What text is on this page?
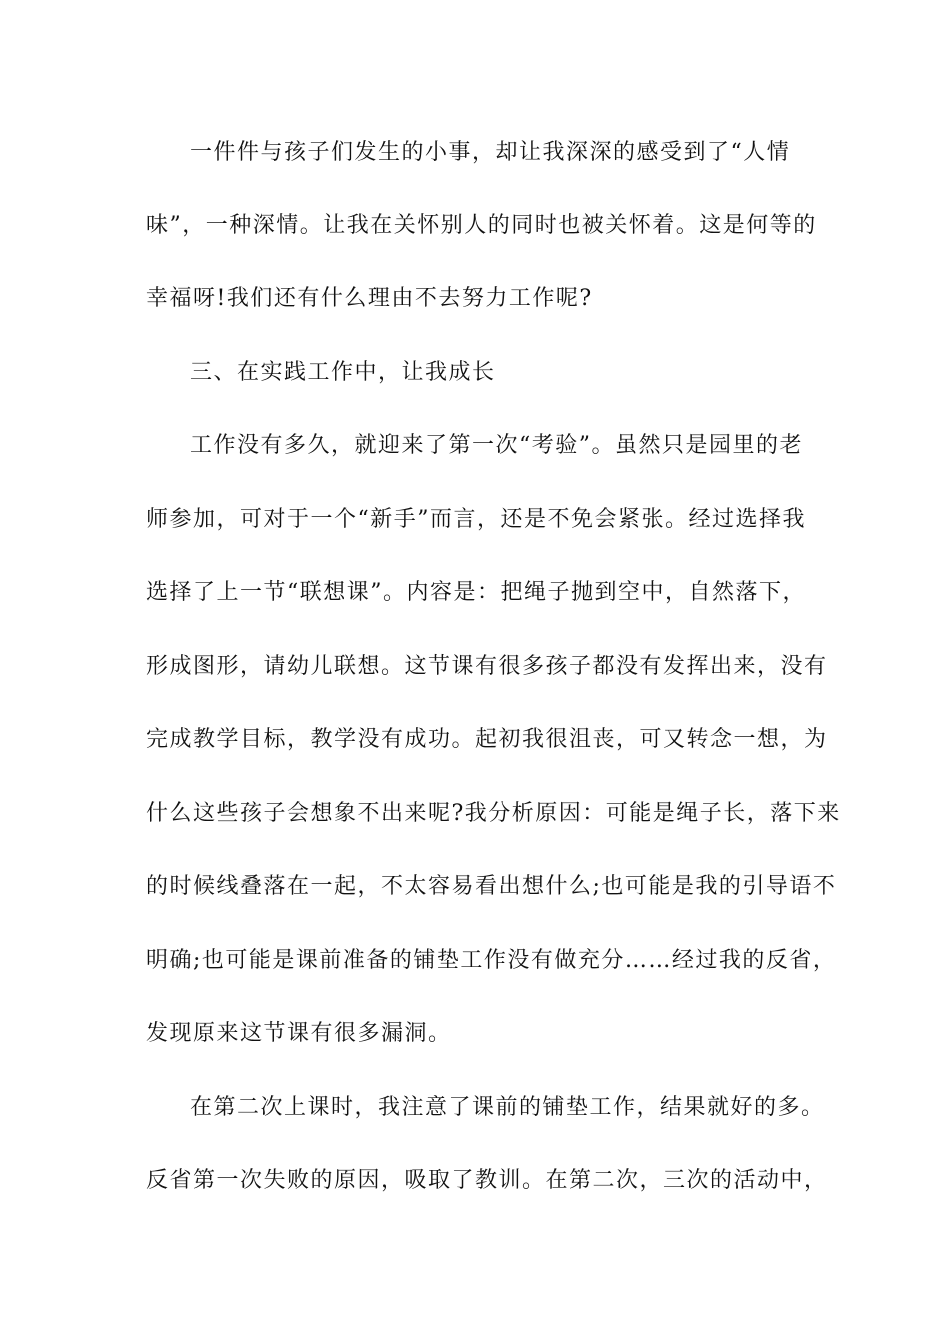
一件件与孩子们发生的小事，却让我深深的感受到了“人情
味”，一种深情。让我在关怀别人的同时也被关怀着。这是何等的
幸福呀!我们还有什么理由不去努力工作呢?
三、在实践工作中，让我成长
工作没有多久，就迎来了第一次“考验”。虽然只是园里的老
师参加，可对于一个“新手”而言，还是不免会紧张。经过选择我
选择了上一节“联想课”。内容是：把绳子抛到空中，自然落下，
形成图形，请幼儿联想。这节课有很多孩子都没有发挥出来，没有
完成教学目标，教学没有成功。起初我很沮丧，可又转念一想，为
什么这些孩子会想象不出来呢?我分析原因：可能是绳子长，落下来
的时候线叠落在一起，不太容易看出想什么;也可能是我的引导语不
明确;也可能是课前准备的铺垫工作没有做充分……经过我的反省，
发现原来这节课有很多漏洞。
在第二次上课时，我注意了课前的铺垫工作，结果就好的多。
反省第一次失败的原因，吸取了教训。在第二次，三次的活动中，
